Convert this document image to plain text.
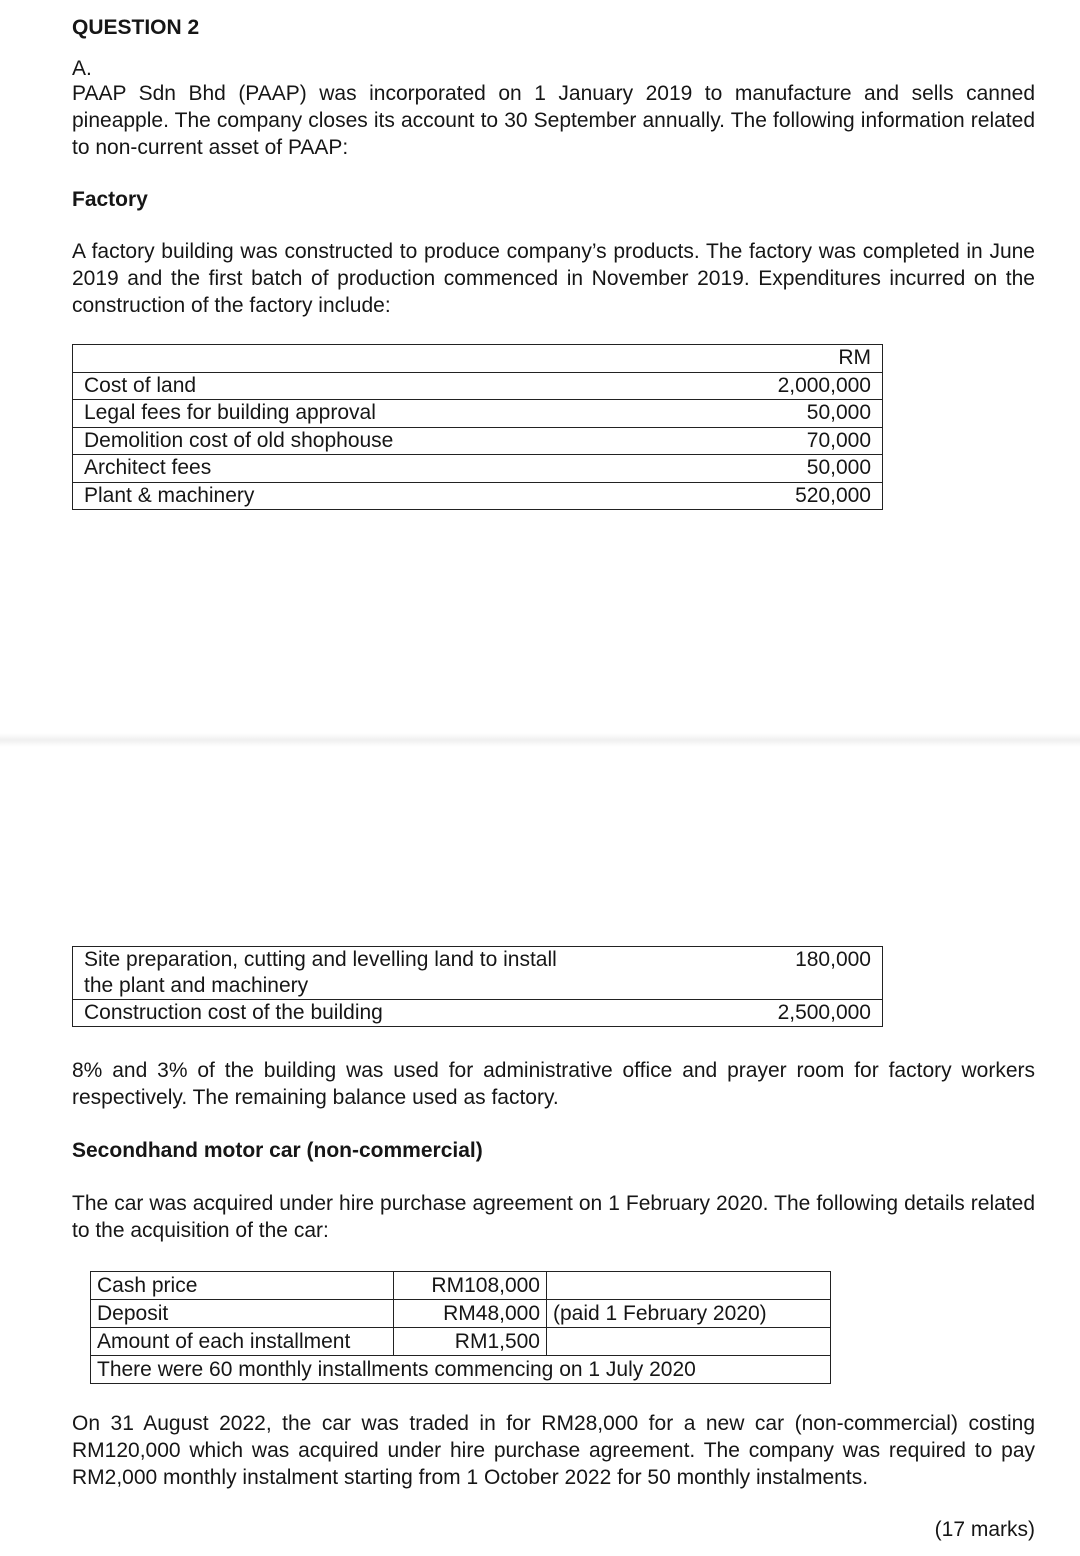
QUESTION 2
A.

PAAP Sdn Bhd (PAAP) was incorporated on 1 January 2019 to manufacture and sells canned pineapple. The company closes its account to 30 September annually. The following information related to non-current asset of PAAP:

Factory

A factory building was constructed to produce company’s products. The factory was completed in June 2019 and the first batch of production commenced in November 2019. Expenditures incurred on the construction of the factory include:

	RM
Cost of land	2,000,000
Legal fees for building approval	50,000
Demolition cost of old shophouse	70,000
Architect fees	50,000
Plant & machinery	520,000
Site preparation, cutting and levelling land to install
the plant and machinery	180,000
Construction cost of the building	2,500,000

8% and 3% of the building was used for administrative office and prayer room for factory workers respectively. The remaining balance used as factory.

Secondhand motor car (non-commercial)

The car was acquired under hire purchase agreement on 1 February 2020. The following details related to the acquisition of the car:

Cash price	RM108,000	
Deposit	RM48,000	(paid 1 February 2020)
Amount of each installment	RM1,500	
There were 60 monthly installments commencing on 1 July 2020		

On 31 August 2022, the car was traded in for RM28,000 for a new car (non-commercial) costing RM120,000 which was acquired under hire purchase agreement. The company was required to pay RM2,000 monthly instalment starting from 1 October 2022 for 50 monthly instalments.

(17 marks)
